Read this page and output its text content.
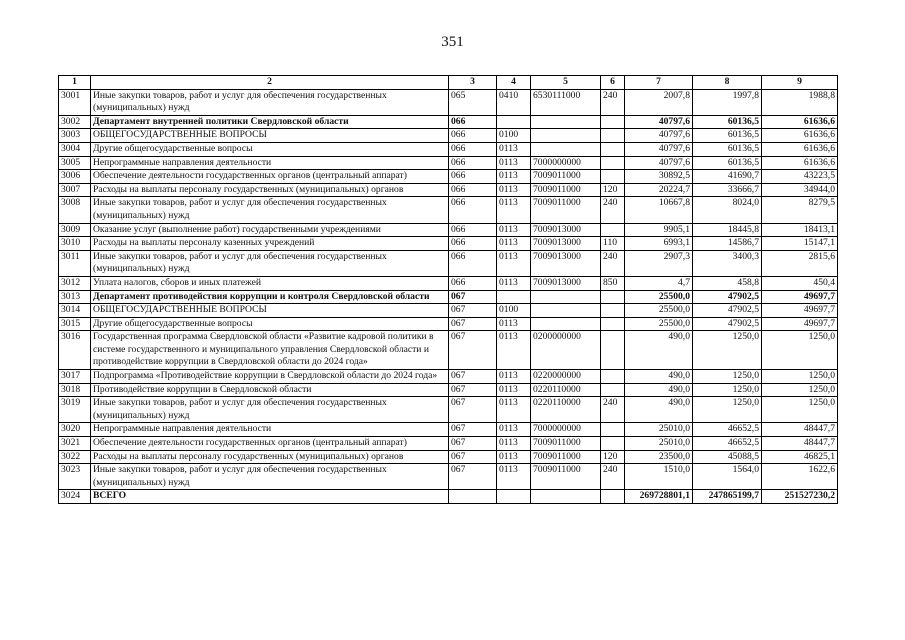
351
1	2	3	4	5	6	7	8	9
3001	Иные закупки товаров, работ и услуг для обеспечения государственных (муниципальных) нужд	065	0410	6530111000	240	2007,8	1997,8	1988,8
3002	Департамент внутренней политики Свердловской области	066				40797,6	60136,5	61636,6
3003	ОБЩЕГОСУДАРСТВЕННЫЕ ВОПРОСЫ	066	0100			40797,6	60136,5	61636,6
3004	Другие общегосударственные вопросы	066	0113			40797,6	60136,5	61636,6
3005	Непрограммные направления деятельности	066	0113	7000000000		40797,6	60136,5	61636,6
3006	Обеспечение деятельности государственных органов (центральный аппарат)	066	0113	7009011000		30892,5	41690,7	43223,5
3007	Расходы на выплаты персоналу государственных (муниципальных) органов	066	0113	7009011000	120	20224,7	33666,7	34944,0
3008	Иные закупки товаров, работ и услуг для обеспечения государственных (муниципальных) нужд	066	0113	7009011000	240	10667,8	8024,0	8279,5
3009	Оказание услуг (выполнение работ) государственными учреждениями	066	0113	7009013000		9905,1	18445,8	18413,1
3010	Расходы на выплаты персоналу казенных учреждений	066	0113	7009013000	110	6993,1	14586,7	15147,1
3011	Иные закупки товаров, работ и услуг для обеспечения государственных (муниципальных) нужд	066	0113	7009013000	240	2907,3	3400,3	2815,6
3012	Уплата налогов, сборов и иных платежей	066	0113	7009013000	850	4,7	458,8	450,4
3013	Департамент противодействия коррупции и контроля Свердловской области	067				25500,0	47902,5	49697,7
3014	ОБЩЕГОСУДАРСТВЕННЫЕ ВОПРОСЫ	067	0100			25500,0	47902,5	49697,7
3015	Другие общегосударственные вопросы	067	0113			25500,0	47902,5	49697,7
3016	Государственная программа Свердловской области «Развитие кадровой политики в системе государственного и муниципального управления Свердловской области и противодействие коррупции в Свердловской области до 2024 года»	067	0113	0200000000		490,0	1250,0	1250,0
3017	Подпрограмма «Противодействие коррупции в Свердловской области до 2024 года»	067	0113	0220000000		490,0	1250,0	1250,0
3018	Противодействие коррупции в Свердловской области	067	0113	0220110000		490,0	1250,0	1250,0
3019	Иные закупки товаров, работ и услуг для обеспечения государственных (муниципальных) нужд	067	0113	0220110000	240	490,0	1250,0	1250,0
3020	Непрограммные направления деятельности	067	0113	7000000000		25010,0	46652,5	48447,7
3021	Обеспечение деятельности государственных органов (центральный аппарат)	067	0113	7009011000		25010,0	46652,5	48447,7
3022	Расходы на выплаты персоналу государственных (муниципальных) органов	067	0113	7009011000	120	23500,0	45088,5	46825,1
3023	Иные закупки товаров, работ и услуг для обеспечения государственных (муниципальных) нужд	067	0113	7009011000	240	1510,0	1564,0	1622,6
3024	ВСЕГО					269728801,1	247865199,7	251527230,2
